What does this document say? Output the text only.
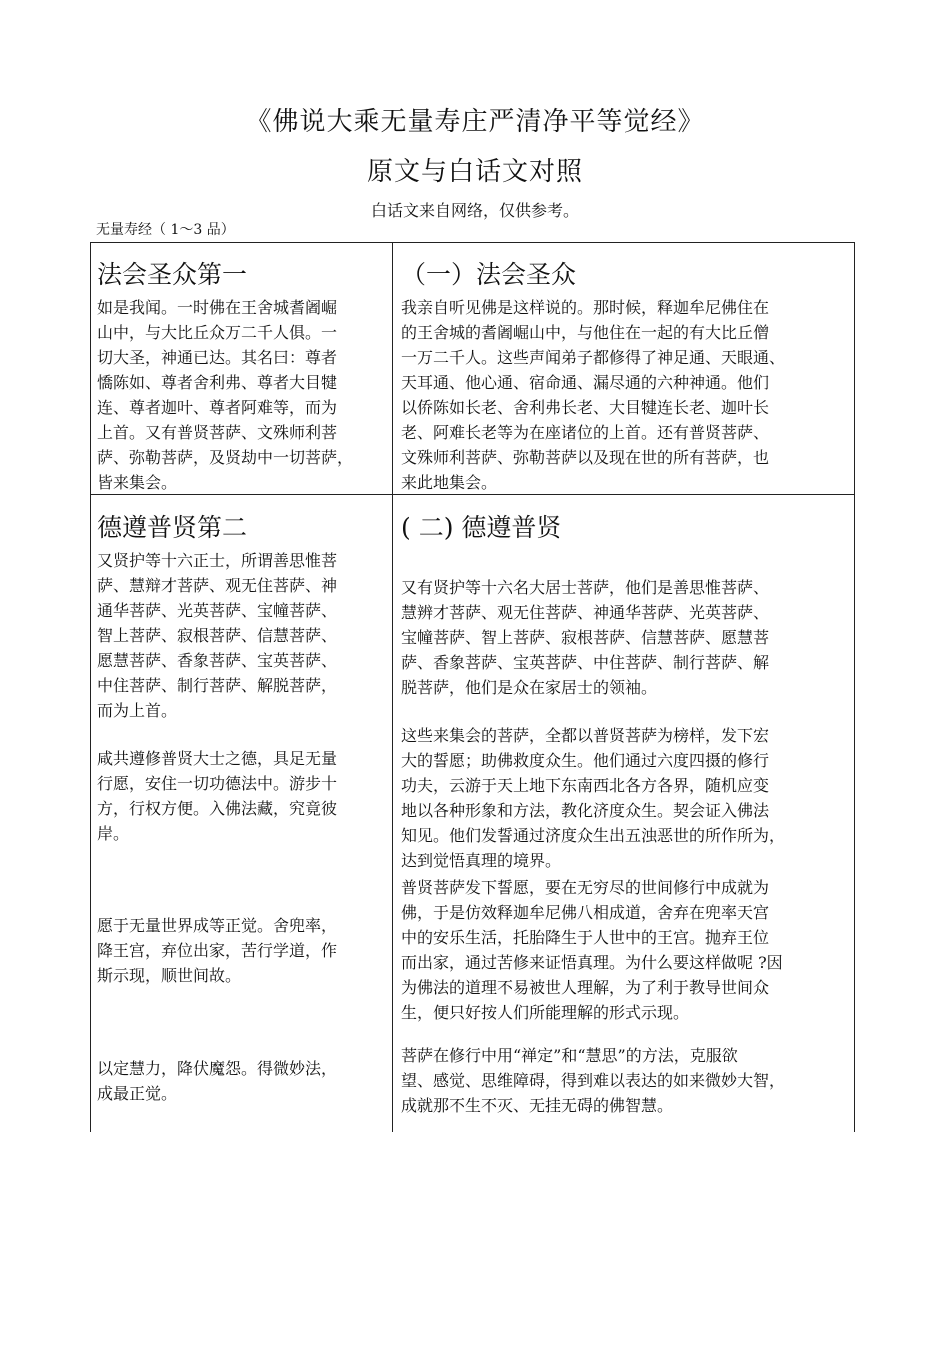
《佛说大乘无量寿庄严清净平等觉经》
原文与白话文对照
白话文来自网络，仅供参考。
无量寿经（ 1～3 品）
法会圣众第一	（一）法会圣众

如是我闻。一时佛在王舍城耆阇崛
山中，与大比丘众万二千人俱。一
切大圣，神通已达。其名曰：尊者
憍陈如、尊者舍利弗、尊者大目犍
连、尊者迦叶、尊者阿难等，而为
上首。又有普贤菩萨、文殊师利菩
萨、弥勒菩萨，及贤劫中一切菩萨，
皆来集会。

我亲自听见佛是这样说的。那时候，释迦牟尼佛住在
的王舍城的耆阇崛山中，与他住在一起的有大比丘僧
一万二千人。这些声闻弟子都修得了神足通、天眼通、
天耳通、他心通、宿命通、漏尽通的六种神通。他们
以侨陈如长老、舍利弗长老、大目犍连长老、迦叶长
老、阿难长老等为在座诸位的上首。还有普贤菩萨、
文殊师利菩萨、弥勒菩萨以及现在世的所有菩萨，也
来此地集会。

德遵普贤第二	( 二) 德遵普贤

又贤护等十六正士，所谓善思惟菩
萨、慧辩才菩萨、观无住菩萨、神
通华菩萨、光英菩萨、宝幢菩萨、
智上菩萨、寂根菩萨、信慧菩萨、
愿慧菩萨、香象菩萨、宝英菩萨、
中住菩萨、制行菩萨、解脱菩萨，
而为上首。

咸共遵修普贤大士之德，具足无量
行愿，安住一切功德法中。游步十
方，行权方便。入佛法藏，究竟彼
岸。

愿于无量世界成等正觉。舍兜率，
降王宫，弃位出家，苦行学道，作
斯示现，顺世间故。

以定慧力，降伏魔怨。得微妙法，
成最正觉。

又有贤护等十六名大居士菩萨，他们是善思惟菩萨、
慧辨才菩萨、观无住菩萨、神通华菩萨、光英菩萨、
宝幢菩萨、智上菩萨、寂根菩萨、信慧菩萨、愿慧菩
萨、香象菩萨、宝英菩萨、中住菩萨、制行菩萨、解
脱菩萨，他们是众在家居士的领袖。

这些来集会的菩萨，全都以普贤菩萨为榜样，发下宏
大的誓愿；助佛救度众生。他们通过六度四摄的修行
功夫，云游于天上地下东南西北各方各界，随机应变
地以各种形象和方法，教化济度众生。契会证入佛法
知见。他们发誓通过济度众生出五浊恶世的所作所为，
达到觉悟真理的境界。

普贤菩萨发下誓愿，要在无穷尽的世间修行中成就为
佛，于是仿效释迦牟尼佛八相成道，舍弃在兜率天宫
中的安乐生活，托胎降生于人世中的王宫。抛弃王位
而出家，通过苦修来证悟真理。为什么要这样做呢 ?因
为佛法的道理不易被世人理解，为了利于教导世间众
生，便只好按人们所能理解的形式示现。

菩萨在修行中用“禅定”和“慧思”的方法，克服欲
望、感觉、思维障碍，得到难以表达的如来微妙大智，
成就那不生不灭、无挂无碍的佛智慧。
